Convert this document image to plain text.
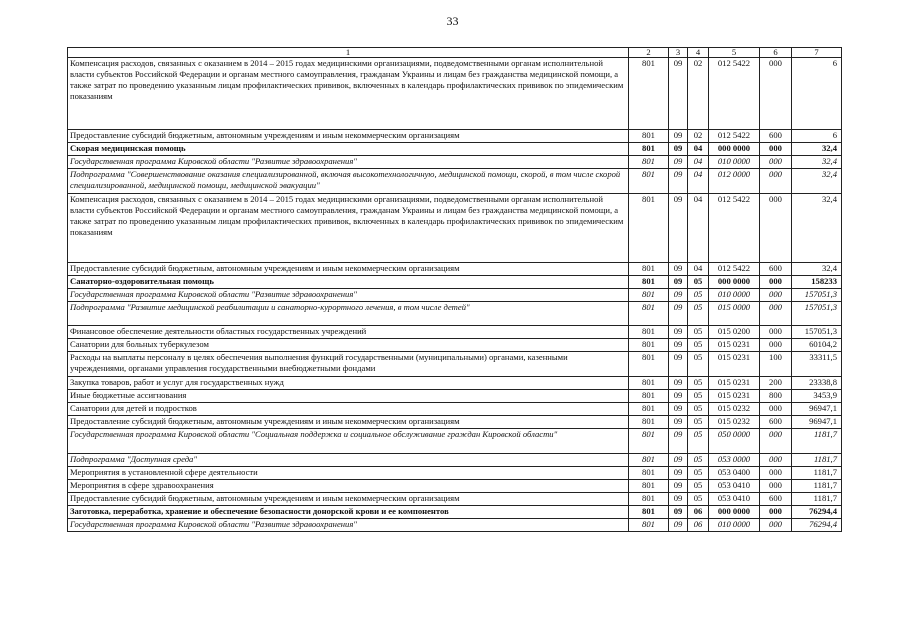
33
1	2	3	4	5	6	7
Компенсация расходов, связанных с оказанием в 2014 – 2015 годах медицинскими организациями, подведомственными органам исполнительной власти субъектов Российской Федерации и органам местного самоуправления, гражданам Украины и лицам без гражданства медицинской помощи, а также затрат по проведению указанным лицам профилактических прививок, включенных в календарь профилактических прививок по эпидемическим показаниям	801	09	02	012 5422	000	6
Предоставление субсидий бюджетным, автономным учреждениям и иным некоммерческим организациям	801	09	02	012 5422	600	6
Скорая медицинская помощь	801	09	04	000 0000	000	32,4
Государственная программа Кировской области "Развитие здравоохранения"	801	09	04	010 0000	000	32,4
Подпрограмма "Совершенствование оказания специализированной, включая высокотехнологичную, медицинской помощи, скорой, в том числе скорой специализированной, медицинской помощи, медицинской эвакуации"	801	09	04	012 0000	000	32,4
Компенсация расходов, связанных с оказанием в 2014 – 2015 годах медицинскими организациями, подведомственными органам исполнительной власти субъектов Российской Федерации и органам местного самоуправления, гражданам Украины и лицам без гражданства медицинской помощи, а также затрат по проведению указанным лицам профилактических прививок, включенных в календарь профилактических прививок по эпидемическим показаниям	801	09	04	012 5422	000	32,4
Предоставление субсидий бюджетным, автономным учреждениям и иным некоммерческим организациям	801	09	04	012 5422	600	32,4
Санаторно-оздоровительная помощь	801	09	05	000 0000	000	158233
Государственная программа Кировской области "Развитие здравоохранения"	801	09	05	010 0000	000	157051,3
Подпрограмма "Развитие медицинской реабилитации и санаторно-курортного лечения, в том числе детей"	801	09	05	015 0000	000	157051,3
Финансовое обеспечение деятельности областных государственных учреждений	801	09	05	015 0200	000	157051,3
Санатории для больных туберкулезом	801	09	05	015 0231	000	60104,2
Расходы на выплаты персоналу в целях обеспечения выполнения функций государственными (муниципальными) органами, казенными учреждениями, органами управления государственными внебюджетными фондами	801	09	05	015 0231	100	33311,5
Закупка товаров, работ и услуг для государственных нужд	801	09	05	015 0231	200	23338,8
Иные бюджетные ассигнования	801	09	05	015 0231	800	3453,9
Санатории для детей и подростков	801	09	05	015 0232	000	96947,1
Предоставление субсидий бюджетным, автономным учреждениям и иным некоммерческим организациям	801	09	05	015 0232	600	96947,1
Государственная программа Кировской области "Социальная поддержка и социальное обслуживание граждан Кировской области"	801	09	05	050 0000	000	1181,7
Подпрограмма "Доступная среда"	801	09	05	053 0000	000	1181,7
Мероприятия в установленной сфере деятельности	801	09	05	053 0400	000	1181,7
Мероприятия в сфере здравоохранения	801	09	05	053 0410	000	1181,7
Предоставление субсидий бюджетным, автономным учреждениям и иным некоммерческим организациям	801	09	05	053 0410	600	1181,7
Заготовка, переработка, хранение и обеспечение безопасности донорской крови и ее компонентов	801	09	06	000 0000	000	76294,4
Государственная программа Кировской области "Развитие здравоохранения"	801	09	06	010 0000	000	76294,4
